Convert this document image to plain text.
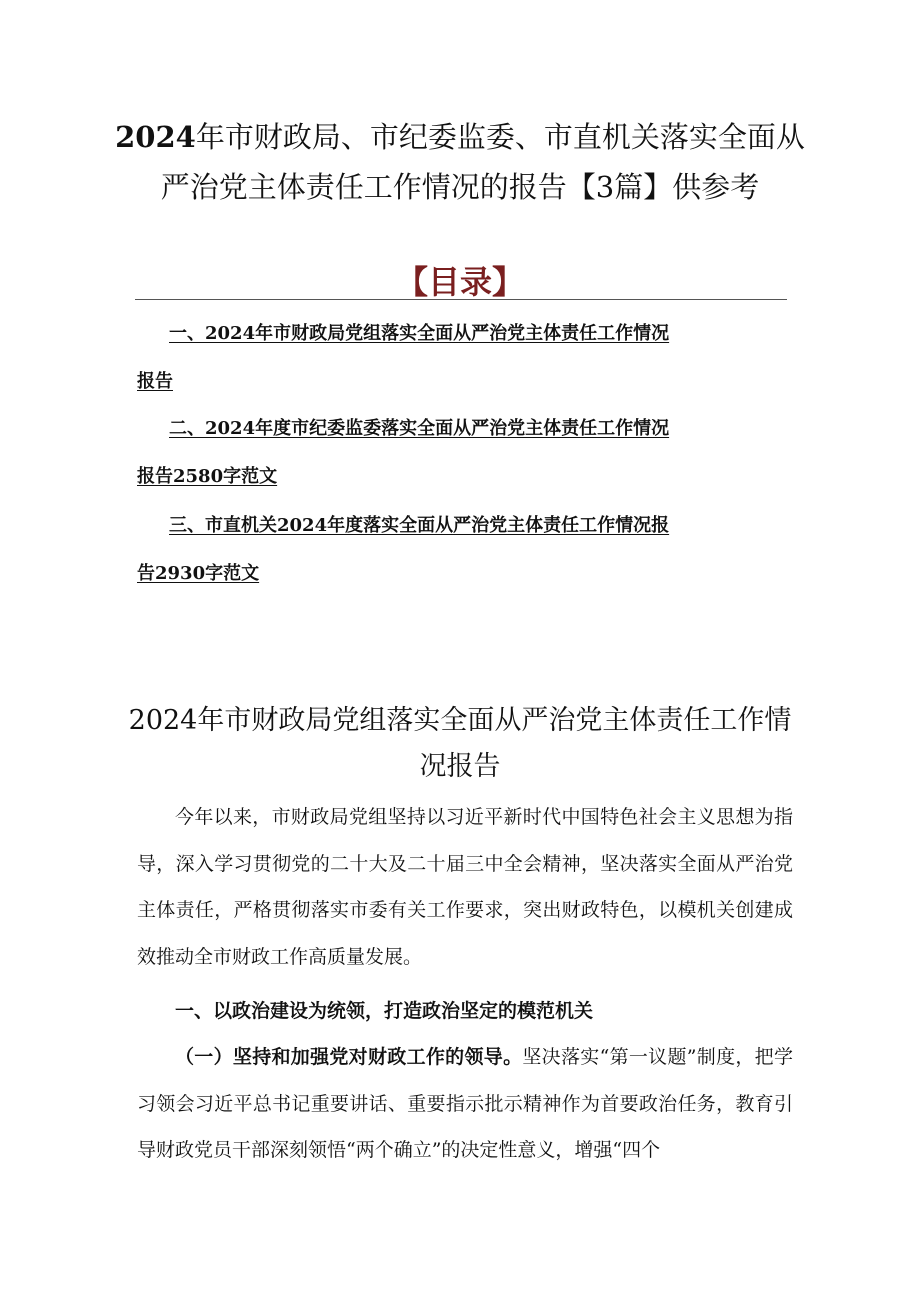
2024年市财政局、市纪委监委、市直机关落实全面从严治党主体责任工作情况的报告【3篇】供参考
【目录】
一、2024年市财政局党组落实全面从严治党主体责任工作情况
报告
二、2024年度市纪委监委落实全面从严治党主体责任工作情况
报告2580字范文
三、市直机关2024年度落实全面从严治党主体责任工作情况报
告2930字范文
2024年市财政局党组落实全面从严治党主体责任工作情况报告

今年以来，市财政局党组坚持以习近平新时代中国特色社会主义思想为指导，深入学习贯彻党的二十大及二十届三中全会精神，坚决落实全面从严治党主体责任，严格贯彻落实市委有关工作要求，突出财政特色，以模机关创建成效推动全市财政工作高质量发展。

一、以政治建设为统领，打造政治坚定的模范机关

（一）坚持和加强党对财政工作的领导。坚决落实“第一议题”制度，把学习领会习近平总书记重要讲话、重要指示批示精神作为首要政治任务，教育引导财政党员干部深刻领悟“两个确立”的决定性意义，增强“四个
